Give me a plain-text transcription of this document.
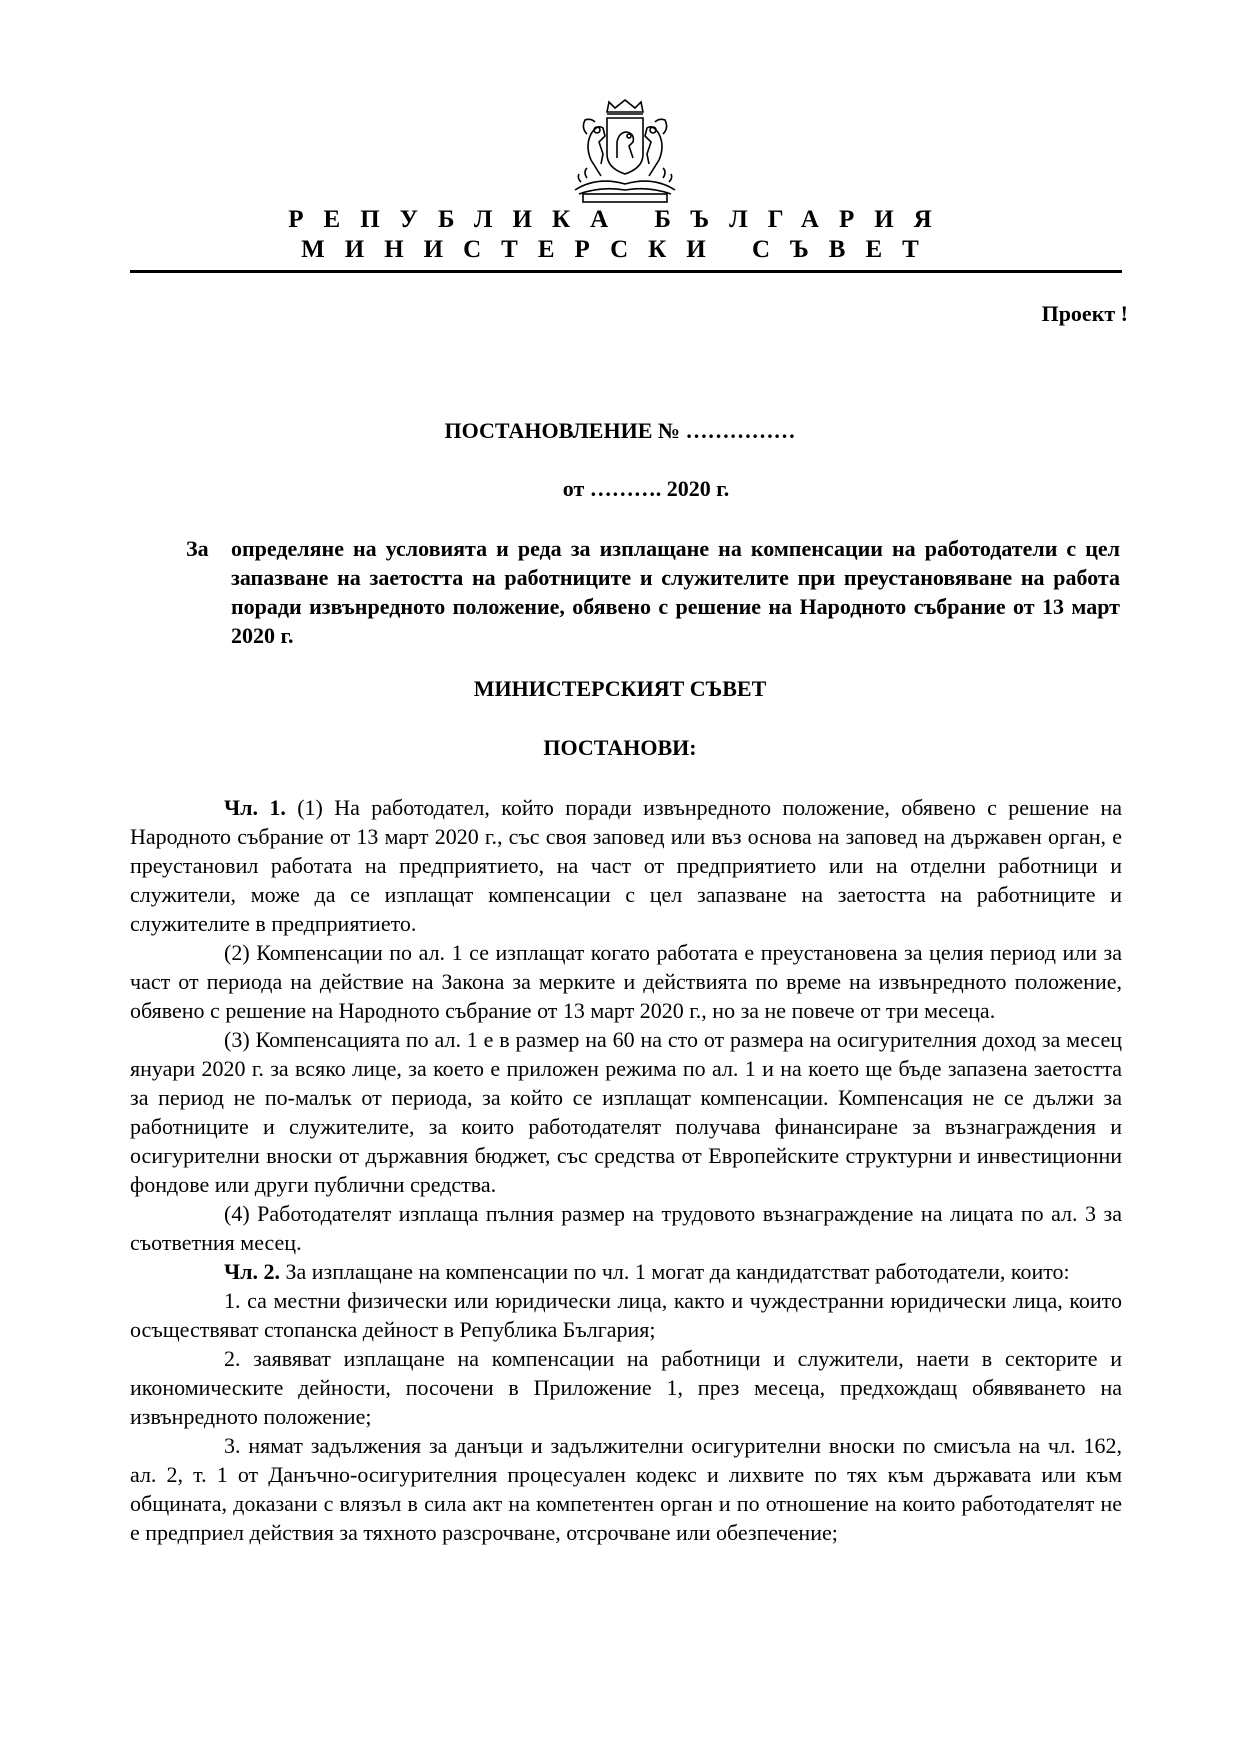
РЕПУБЛИКА БЪЛГАРИЯ
МИНИСТЕРСКИ СЪВЕТ
Проект !
ПОСТАНОВЛЕНИЕ № ……………
от ………. 2020 г.
За определяне на условията и реда за изплащане на компенсации на работодатели с цел запазване на заетостта на работниците и служителите при преустановяване на работа поради извънредното положение, обявено с решение на Народното събрание от 13 март 2020 г.
МИНИСТЕРСКИЯТ СЪВЕТ
ПОСТАНОВИ:

Чл. 1. (1) На работодател, който поради извънредното положение, обявено с решение на Народното събрание от 13 март 2020 г., със своя заповед или въз основа на заповед на държавен орган, е преустановил работата на предприятието, на част от предприятието или на отделни работници и служители, може да се изплащат компенсации с цел запазване на заетостта на работниците и служителите в предприятието.

(2) Компенсации по ал. 1 се изплащат когато работата е преустановена за целия период или за част от периода на действие на Закона за мерките и действията по време на извънредното положение, обявено с решение на Народното събрание от 13 март 2020 г., но за не повече от три месеца.

(3) Компенсацията по ал. 1 е в размер на 60 на сто от размера на осигурителния доход за месец януари 2020 г. за всяко лице, за което е приложен режима по ал. 1 и на което ще бъде запазена заетостта за период не по-малък от периода, за който се изплащат компенсации. Компенсация не се дължи за работниците и служителите, за които работодателят получава финансиране за възнаграждения и осигурителни вноски от държавния бюджет, със средства от Европейските структурни и инвестиционни фондове или други публични средства.

(4) Работодателят изплаща пълния размер на трудовото възнаграждение на лицата по ал. 3 за съответния месец.

Чл. 2. За изплащане на компенсации по чл. 1 могат да кандидатстват работодатели, които:

1. са местни физически или юридически лица, както и чуждестранни юридически лица, които осъществяват стопанска дейност в Република България;

2. заявяват изплащане на компенсации на работници и служители, наети в секторите и икономическите дейности, посочени в Приложение 1, през месеца, предхождащ обявяването на извънредното положение;

3. нямат задължения за данъци и задължителни осигурителни вноски по смисъла на чл. 162, ал. 2, т. 1 от Данъчно-осигурителния процесуален кодекс и лихвите по тях към държавата или към общината, доказани с влязъл в сила акт на компетентен орган и по отношение на които работодателят не е предприел действия за тяхното разсрочване, отсрочване или обезпечение;
